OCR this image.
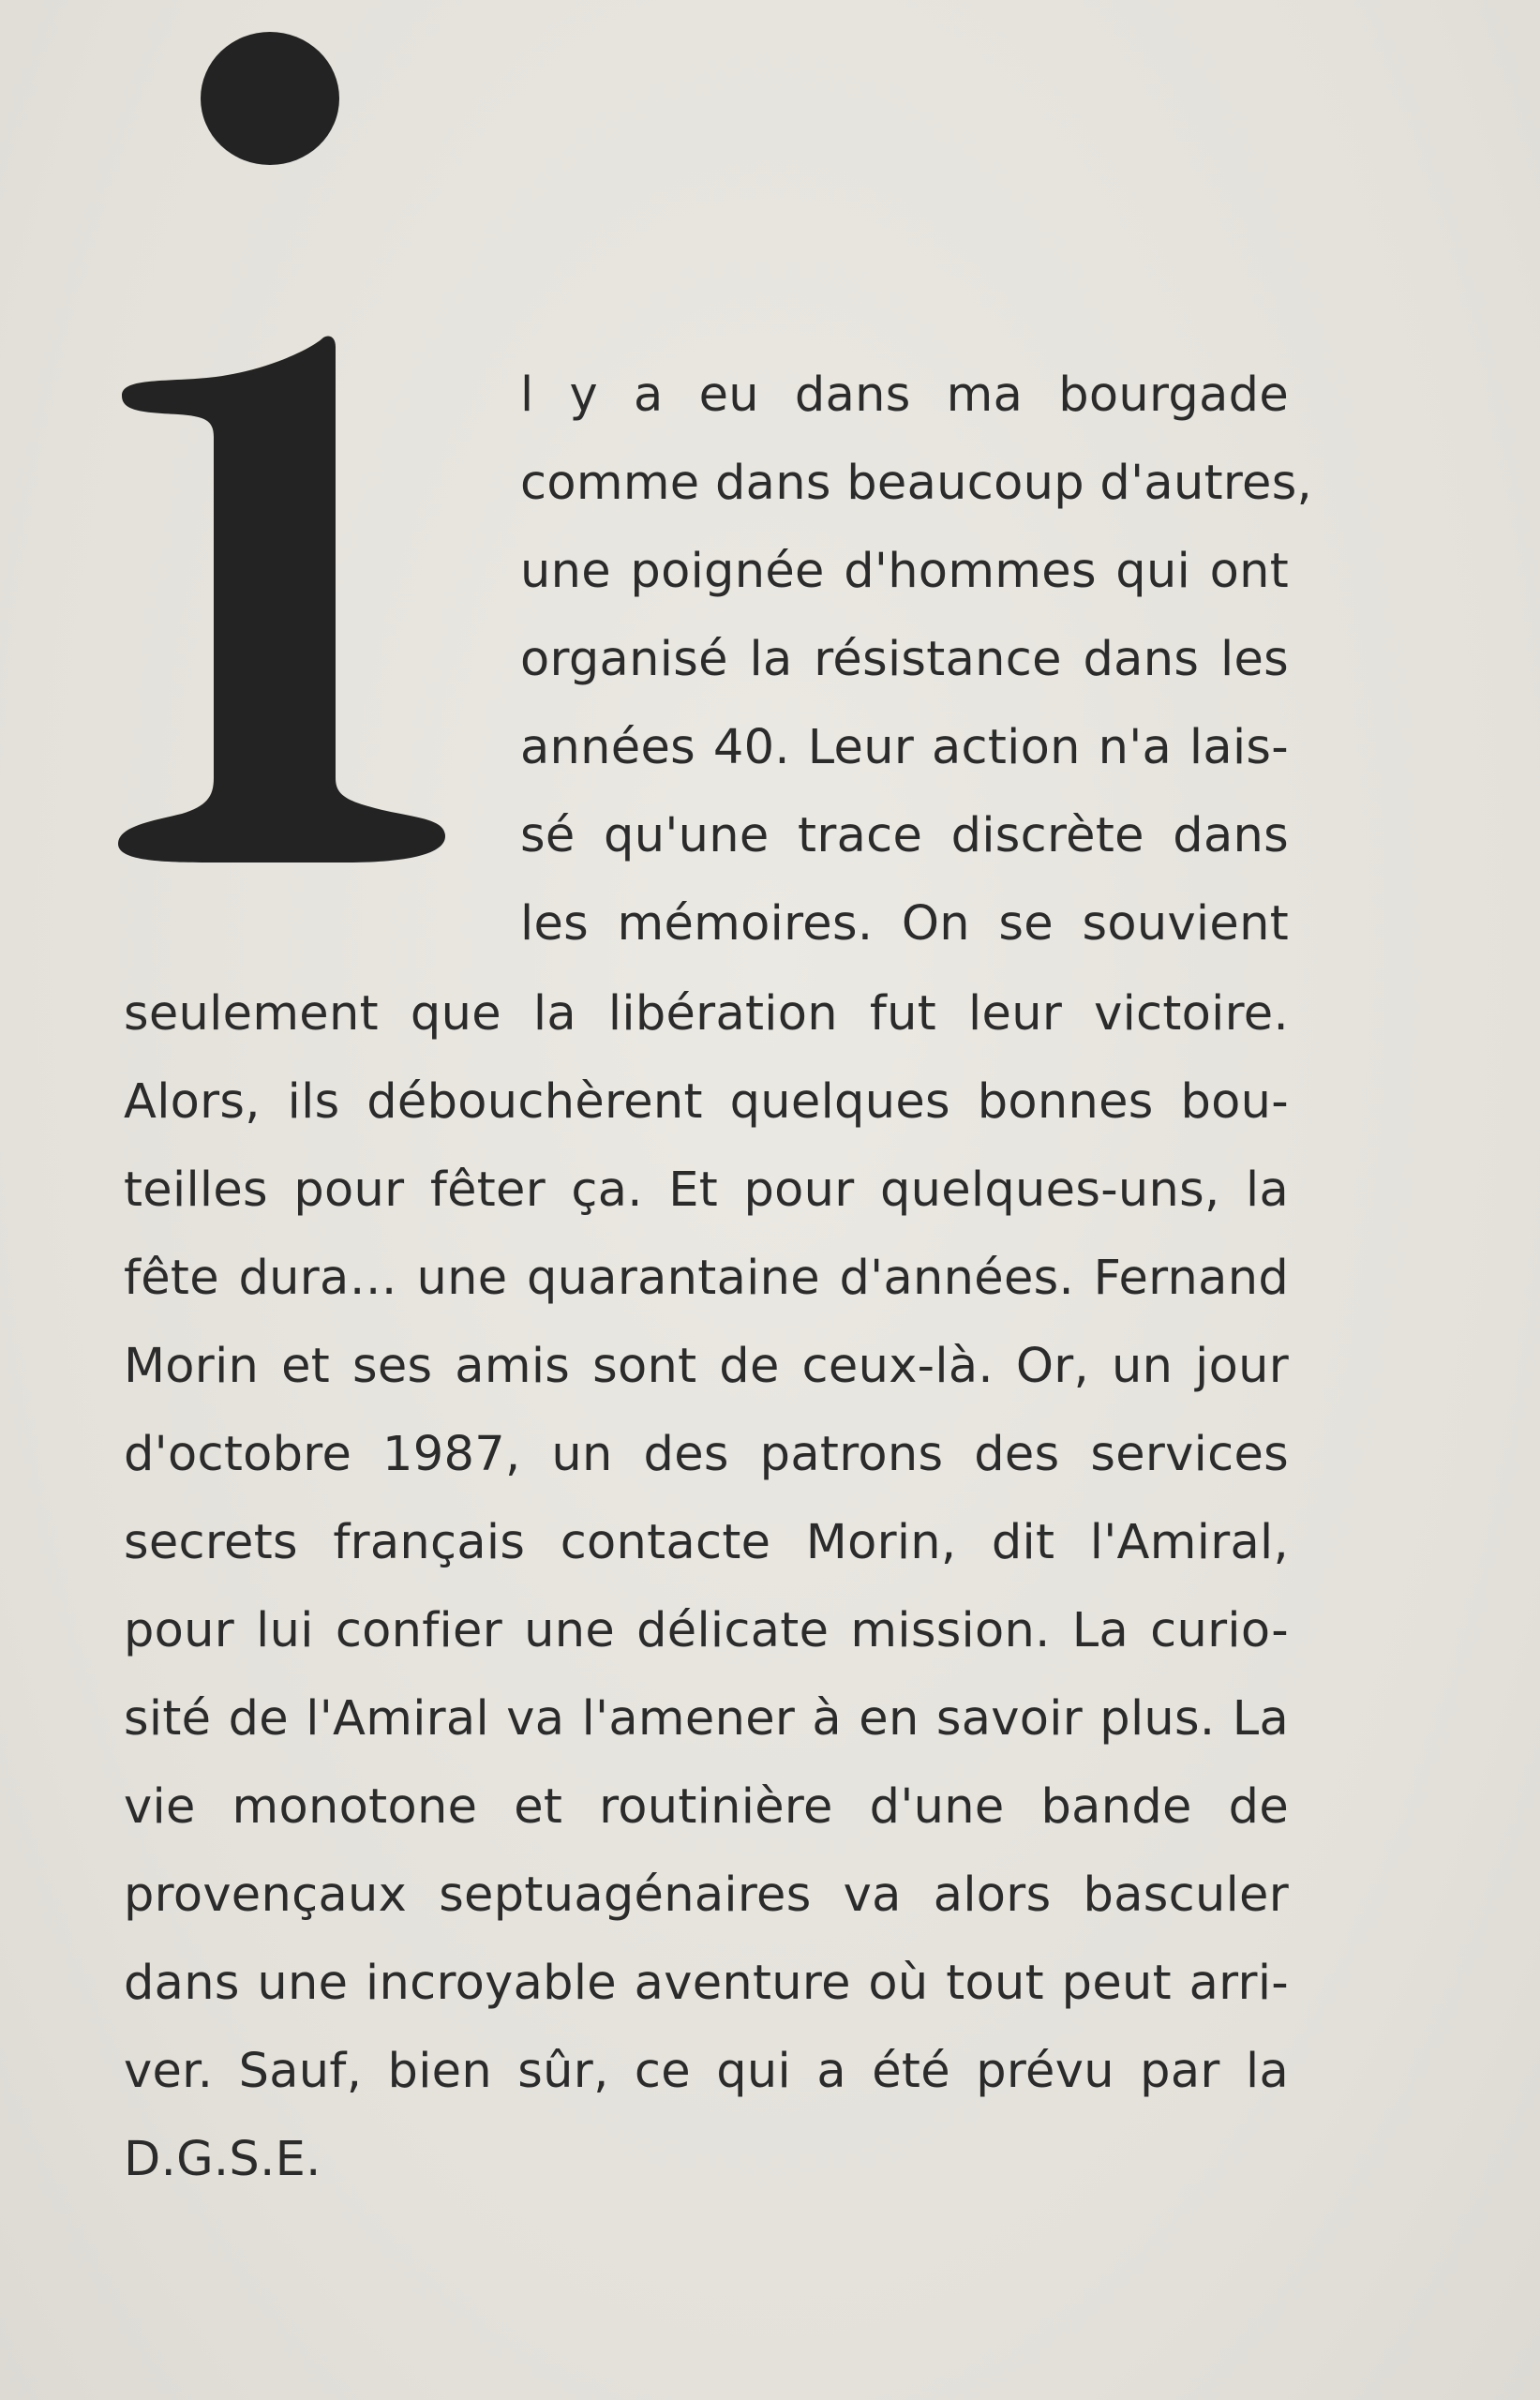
l y a eu dans ma bourgade
comme dans beaucoup d'autres,
une poignée d'hommes qui ont
organisé la résistance dans les
années 40. Leur action n'a lais-
sé qu'une trace discrète dans
les mémoires. On se souvient
seulement que la libération fut leur victoire.
Alors, ils débouchèrent quelques bonnes bou-
teilles pour fêter ça. Et pour quelques-uns, la
fête dura… une quarantaine d'années. Fernand
Morin et ses amis sont de ceux-là. Or, un jour
d'octobre 1987, un des patrons des services
secrets français contacte Morin, dit l'Amiral,
pour lui confier une délicate mission. La curio-
sité de l'Amiral va l'amener à en savoir plus. La
vie monotone et routinière d'une bande de
provençaux septuagénaires va alors basculer
dans une incroyable aventure où tout peut arri-
ver. Sauf, bien sûr, ce qui a été prévu par la
D.G.S.E.
